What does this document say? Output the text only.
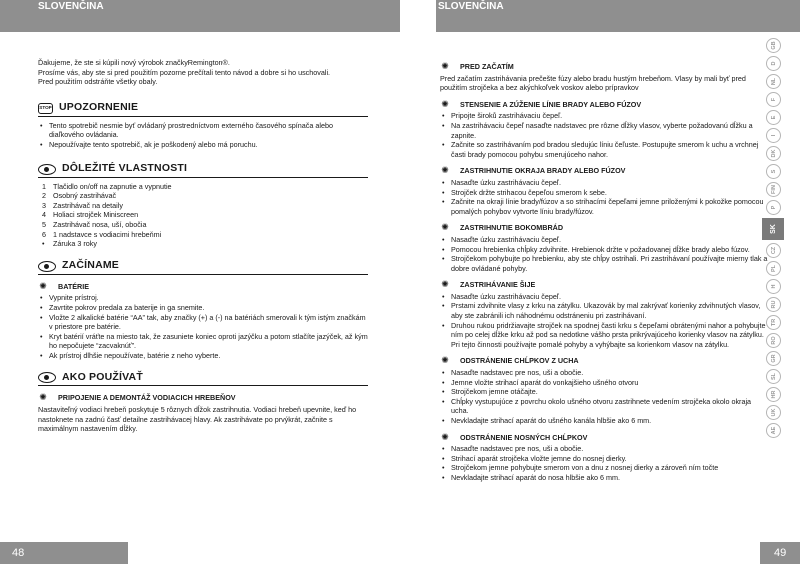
SLOVENČINA
Ďakujeme, že ste si kúpili nový výrobok značkyRemington®.
Prosíme vás, aby ste si pred použitím pozorne prečítali tento návod a dobre si ho uschovali.
Pred použitím odstráňte všetky obaly.
STOP UPOZORNENIE
• Tento spotrebič nesmie byť ovládaný prostredníctvom externého časového spínača alebo diaľkového ovládania.
• Nepoužívajte tento spotrebič, ak je poškodený alebo má poruchu.
DÔLEŽITÉ VLASTNOSTI
1 Tlačidlo on/off na zapnutie a vypnutie
2 Osobný zastrihávač
3 Zastrihávač na detaily
4 Holiaci strojček Miniscreen
5 Zastrihávač nosa, uší, obočia
6 1 nadstavce s vodiacimi hrebeňmi
• Záruka 3 roky
ZAČÍNAME
✺ BATÉRIE
• Vypnite prístroj.
• Zavrtite pokrov predala za baterije in ga snemite.
• Vložte 2 alkalické batérie “AA” tak, aby značky (+) a (-) na batériách smerovali k tým istým značkám v priestore pre batérie.
• Kryt batérií vráťte na miesto tak, že zasuniete koniec oproti jazýčku a potom stlačíte jazýček, až kým ho nepočujete “zacvaknúť”.
• Ak prístroj dlhšie nepoužívate, batérie z neho vyberte.
AKO POUŽÍVAŤ
✺ PRIPOJENIE A DEMONTÁŽ VODIACICH HREBEŇOV
Nastaviteľný vodiaci hrebeň poskytuje 5 rôznych dĺžok zastrihnutia. Vodiaci hrebeň upevnite, keď ho nastoknete na zadnú časť detailne zastrihávacej hlavy. Ak zastrihávate po prvýkrát, začnite s maximálnym nastavením dĺžky.
48
SLOVENČINA
✺ PRED ZAČATÍM
Pred začatím zastrihávania prečešte fúzy alebo bradu hustým hrebeňom. Vlasy by mali byť pred použitím strojčeka a bez akýchkoľvek voskov alebo prípravkov
✺ STENSENIE A ZÚŽENIE LÍNIE BRADY ALEBO FÚZOV
• Pripojte široků zastrihávaciu čepeľ.
• Na zastrihávaciu čepeľ nasaďte nadstavec pre rôzne dĺžky vlasov, vyberte požadovanú dĺžku a zapnite.
• Začnite so zastrihávaním pod bradou sledujúc líniu čeľuste. Postupujte smerom k uchu a vrchnej časti brady pomocou pohybu smerujúceho nahor.
✺ ZASTRIHNUTIE OKRAJA BRADY ALEBO FÚZOV
• Nasaďte úzku zastrihávaciu čepeľ.
• Strojček držte strihacou čepeľou smerom k sebe.
• Začnite na okraji línie brady/fúzov a so strihacími čepeľami jemne priloženými k pokožke pomocou pomalých pohybov vytvorte líniu brady/fúzov.
✺ ZASTRIHNUTIE BOKOMBRÁD
• Nasaďte úzku zastrihávaciu čepeľ.
• Pomocou hrebienka chĺpky zdvihnite. Hrebienok držte v požadovanej dĺžke brady alebo fúzov.
• Strojčekom pohybujte po hrebienku, aby ste chĺpy ostrihali. Pri zastrihávaní používajte mierny tlak a dobre ovládané pohyby.
✺ ZASTRIHÁVANIE ŠIJE
• Nasaďte úzku zastrihávaciu čepeľ.
• Prstami zdvihnite vlasy z krku na zátylku. Ukazovák by mal zakrývať korienky zdvihnutých vlasov, aby ste zabránili ich náhodnému odstráneniu pri zastrihávaní.
• Druhou rukou pridržiavajte strojček na spodnej časti krku s čepeľami obrátenými nahor a pohybujte ním po celej dĺžke krku až pod sa nedotkne vášho prsta prikrývajúceho korienky vlasov na zátylku. Pri tejto činnosti používajte pomalé pohyby a vyhýbajte sa korienkom vlasov na zátylku.
✺ ODSTRÁNENIE CHĹPKOV Z UCHA
• Nasaďte nadstavec pre nos, uši a obočie.
• Jemne vložte strihací aparát do vonkajšieho ušného otvoru
• Strojčekom jemne otáčajte.
• Chĺpky vystupujúce z povrchu okolo ušného otvoru zastrihnete vedením strojčeka okolo okraja ucha.
• Nevkladajte strihací aparát do ušného kanála hlbšie ako 6 mm.
✺ ODSTRÁNENIE NOSNÝCH CHĹPKOV
• Nasaďte nadstavec pre nos, uši a obočie.
• Strihací aparát strojčeka vložte jemne do nosnej dierky.
• Strojčekom jemne pohybujte smerom von a dnu z nosnej dierky a zároveň ním točte
• Nevkladajte strihací aparát do nosa hlbšie ako 6 mm.
49
GB
D
NL
F
E
I
DK
S
FIN
P
SK
CZ
PL
H
RU
TR
RO
GR
SL
HR
UK
AE
